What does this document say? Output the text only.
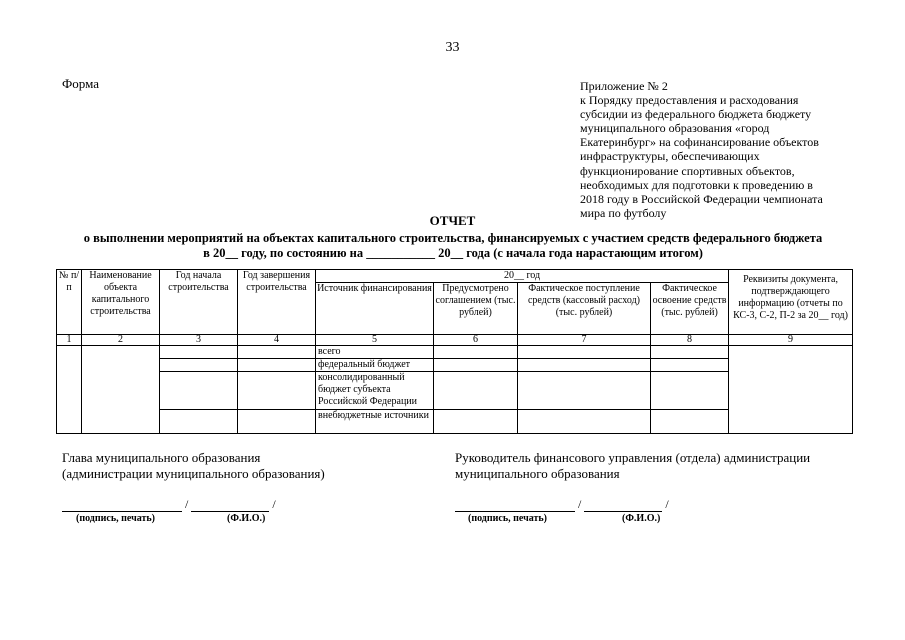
33
Форма	Приложение № 2
к Порядку предоставления и расходования
субсидии из федерального бюджета бюджету
муниципального образования «город
Екатеринбург» на софинансирование объектов
инфраструктуры, обеспечивающих
функционирование спортивных объектов,
необходимых для подготовки к проведению в
2018 году в Российской Федерации чемпионата
мира по футболу
ОТЧЕТ
о выполнении мероприятий на объектах капитального строительства, финансируемых с участием средств федерального бюджета
в 20__ году, по состоянию на ___________ 20__ года (с начала года нарастающим итогом)
№ п/п	Наименование объекта капитального строительства	Год начала строительства	Год завершения строительства	20__ год				Реквизиты документа, подтверждающего информацию (отчеты по КС-3, С-2, П-2 за 20__ год)
				Источник финансирования	Предусмотрено соглашением (тыс. рублей)	Фактическое поступление средств (кассовый расход) (тыс. рублей)	Фактическое освоение средств (тыс. рублей)	
1	2	3	4	5	6	7	8	9
				всего				
				федеральный бюджет				
				консолидированный бюджет субъекта Российской Федерации				
				внебюджетные источники				
Глава муниципального образования
(администрации муниципального образования)
/	/
(подпись, печать)	(Ф.И.О.)
Руководитель финансового управления (отдела) администрации
муниципального образования
/	/
(подпись, печать)	(Ф.И.О.)
